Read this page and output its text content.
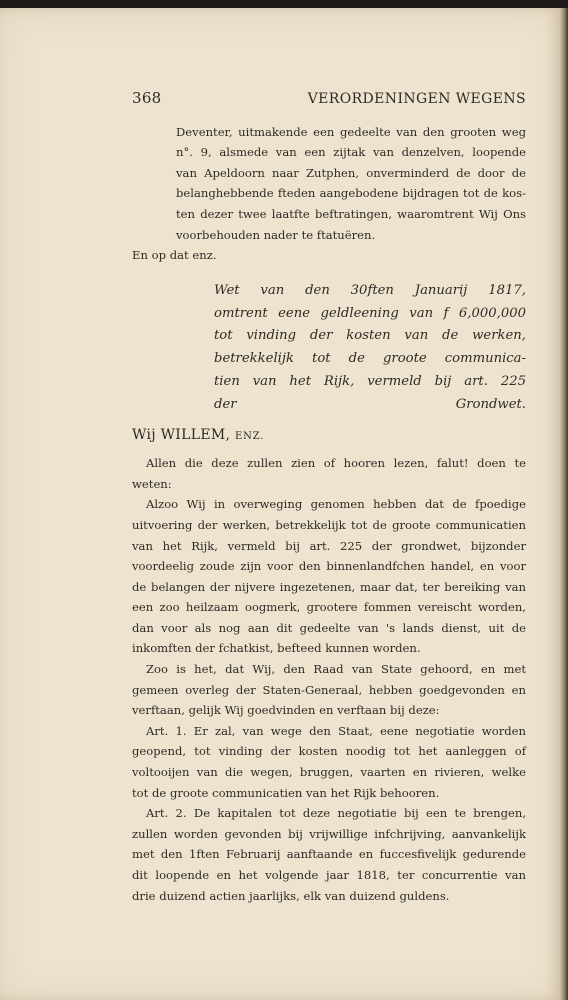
368	VERORDENINGEN WEGENS
Deventer, uitmakende een gedeelte van den grooten weg
n°. 9, alsmede van een zijtak van denzelven, loopende
van Apeldoorn naar Zutphen, onverminderd de door de
belanghebbende fteden aangebodene bijdragen tot de kos-
ten dezer twee laatfte beftratingen, waaromtrent Wij Ons
voorbehouden nader te ftatuëren.
En op dat enz.
Wet van den 30ften Januarij 1817,
omtrent eene geldleening van f 6,000,000
tot vinding der kosten van de werken,
betrekkelijk tot de groote communica-
tien van het Rijk, vermeld bij art. 225
der Grondwet.
Wij WILLEM, ENZ.
Allen die deze zullen zien of hooren lezen, falut! doen te
weten:
Alzoo Wij in overweging genomen hebben dat de fpoedige
uitvoering der werken, betrekkelijk tot de groote communicatien
van het Rijk, vermeld bij art. 225 der grondwet, bijzonder
voordeelig zoude zijn voor den binnenlandfchen handel, en voor
de belangen der nijvere ingezetenen, maar dat, ter bereiking van
een zoo heilzaam oogmerk, grootere fommen vereischt worden,
dan voor als nog aan dit gedeelte van 's lands dienst, uit de
inkomften der fchatkist, befteed kunnen worden.
Zoo is het, dat Wij, den Raad van State gehoord, en met
gemeen overleg der Staten-Generaal, hebben goedgevonden en
verftaan, gelijk Wij goedvinden en verftaan bij deze:
Art. 1. Er zal, van wege den Staat, eene negotiatie worden
geopend, tot vinding der kosten noodig tot het aanleggen of
voltooijen van die wegen, bruggen, vaarten en rivieren, welke
tot de groote communicatien van het Rijk behooren.
Art. 2. De kapitalen tot deze negotiatie bij een te brengen,
zullen worden gevonden bij vrijwillige infchrijving, aanvankelijk
met den 1ften Februarij aanftaande en fuccesfivelijk gedurende
dit loopende en het volgende jaar 1818, ter concurrentie van
drie duizend actien jaarlijks, elk van duizend guldens.
